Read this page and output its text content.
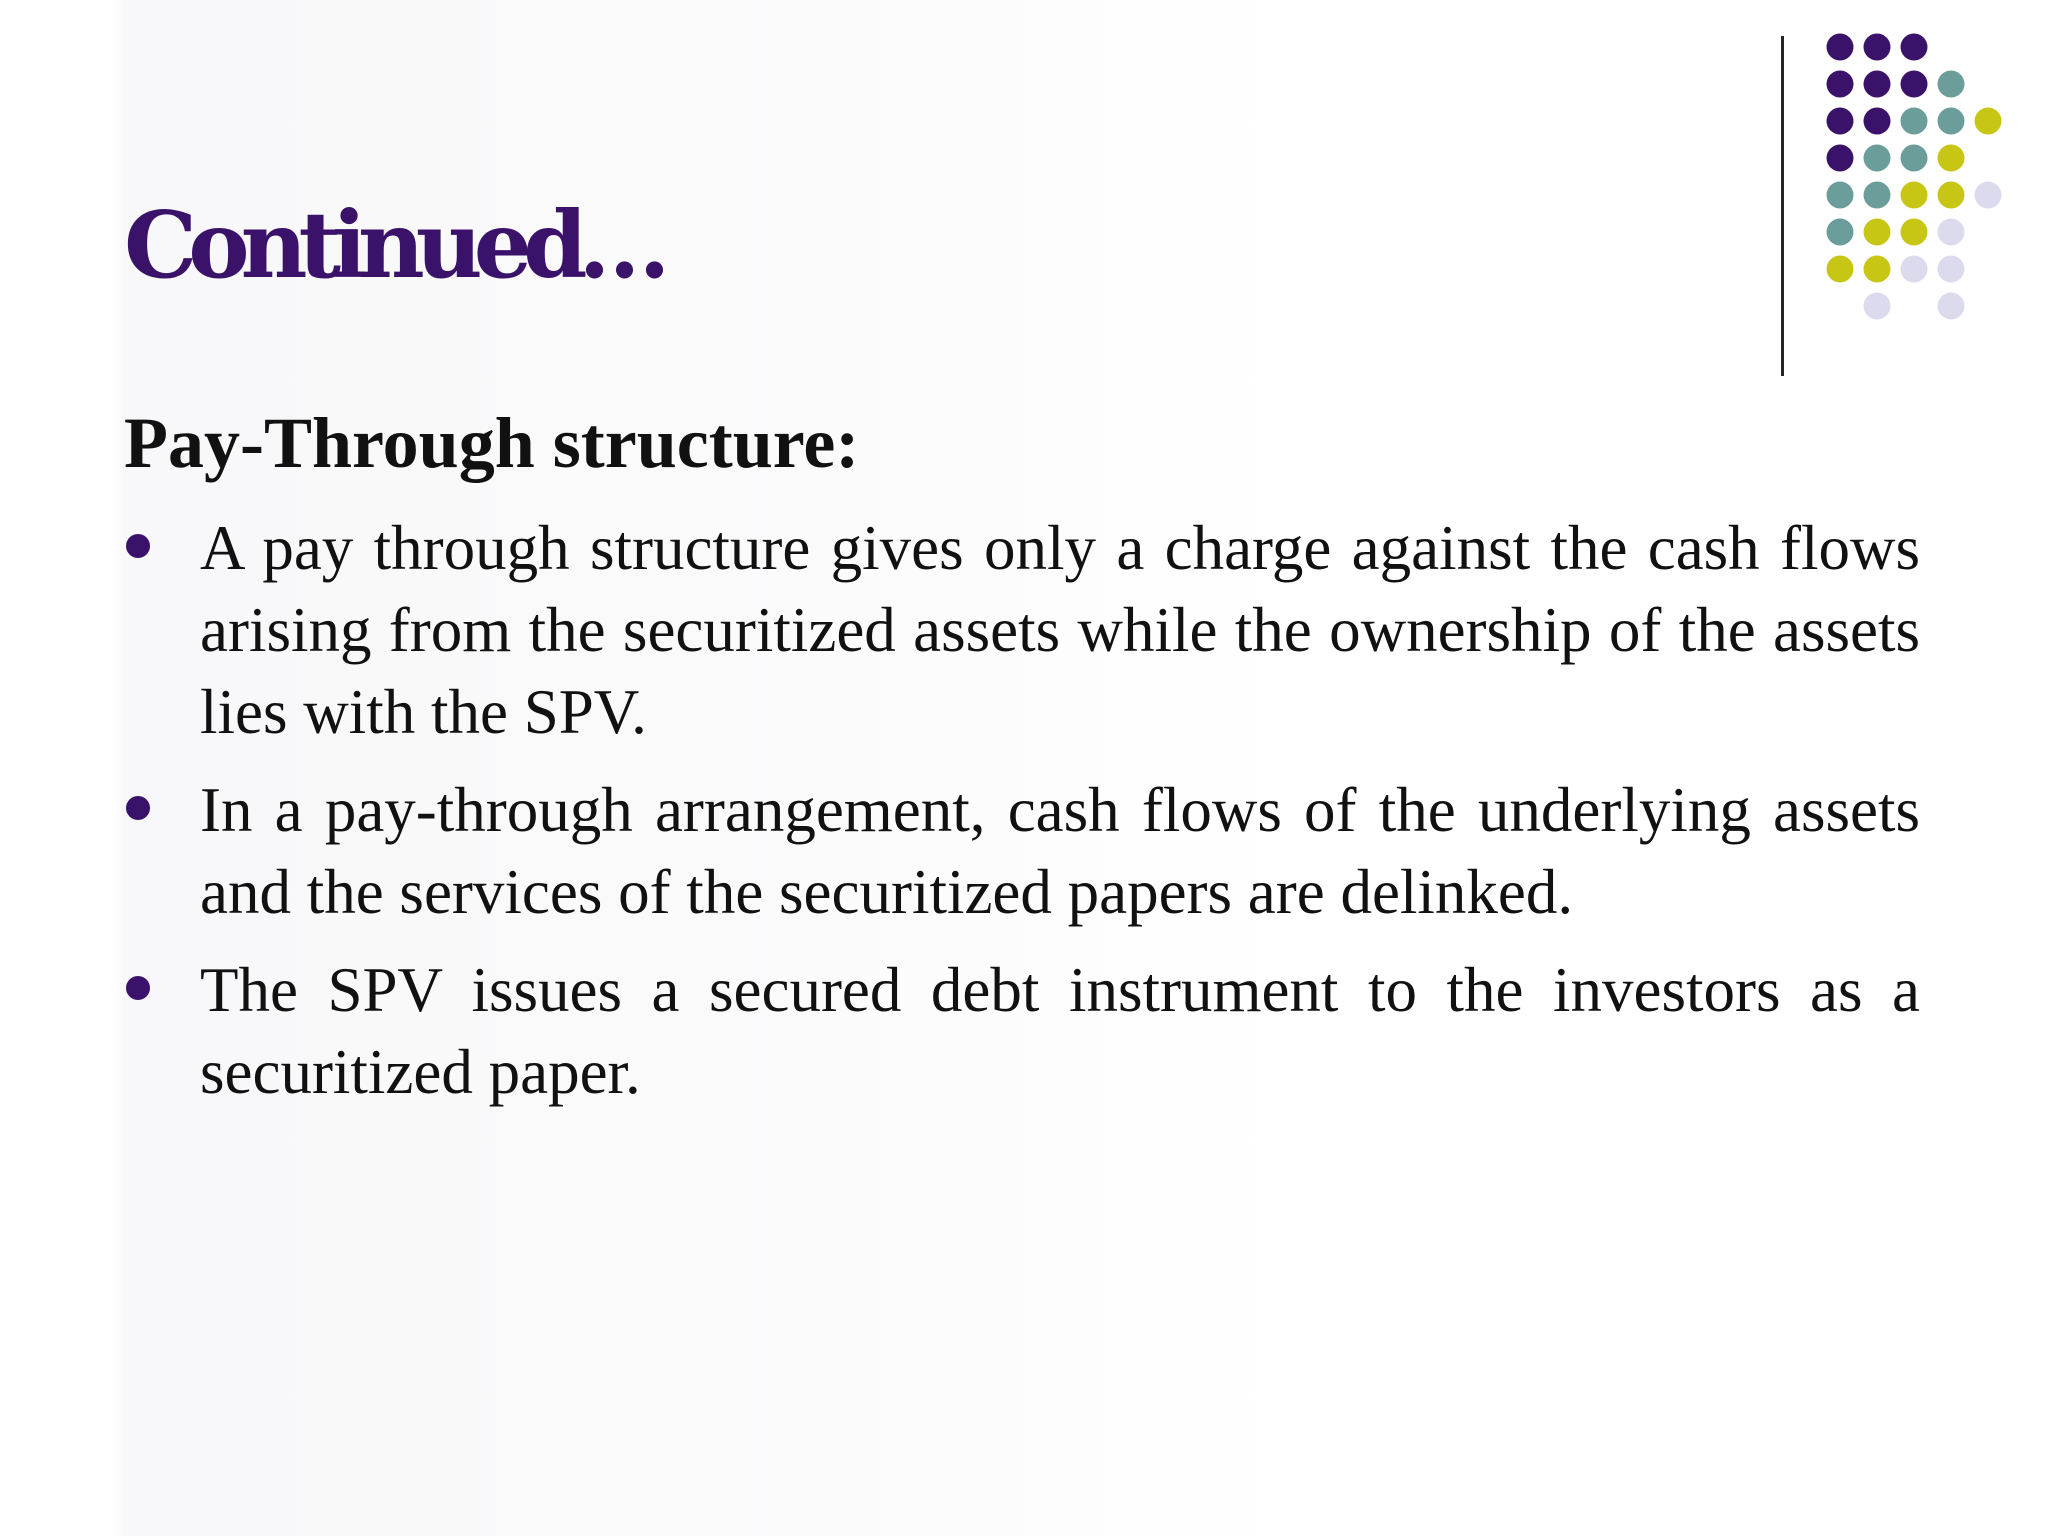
Continued…
Pay-Through structure:
A pay through structure gives only a charge against the cash flows arising from the securitized assets while the ownership of the assets lies with the SPV.
In a pay-through arrangement, cash flows of the underlying assets and the services of the securitized papers are delinked.
The SPV issues a secured debt instrument to the investors as a securitized paper.
